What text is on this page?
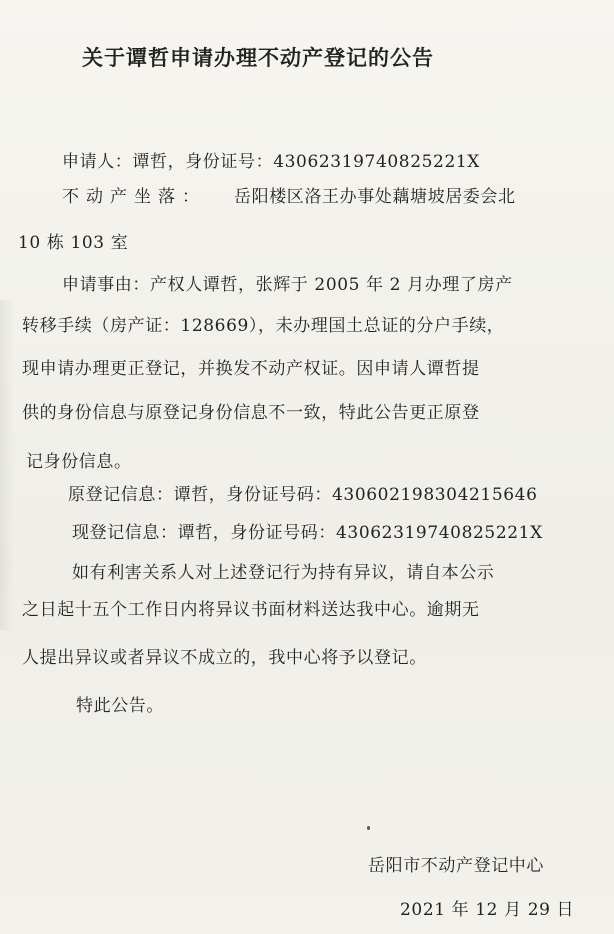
关于谭哲申请办理不动产登记的公告
申请人：谭哲，身份证号：43062319740825221X
不动产坐落： 岳阳楼区洛王办事处藕塘坡居委会北
10 栋 103 室
申请事由：产权人谭哲，张辉于 2005 年 2 月办理了房产
转移手续（房产证：128669），未办理国土总证的分户手续，
现申请办理更正登记，并换发不动产权证。因申请人谭哲提
供的身份信息与原登记身份信息不一致，特此公告更正原登
记身份信息。
原登记信息：谭哲，身份证号码：430602198304215646
现登记信息：谭哲，身份证号码：43062319740825221X
如有利害关系人对上述登记行为持有异议，请自本公示
之日起十五个工作日内将异议书面材料送达我中心。逾期无
人提出异议或者异议不成立的，我中心将予以登记。
特此公告。
岳阳市不动产登记中心
2021 年 12 月 29 日
